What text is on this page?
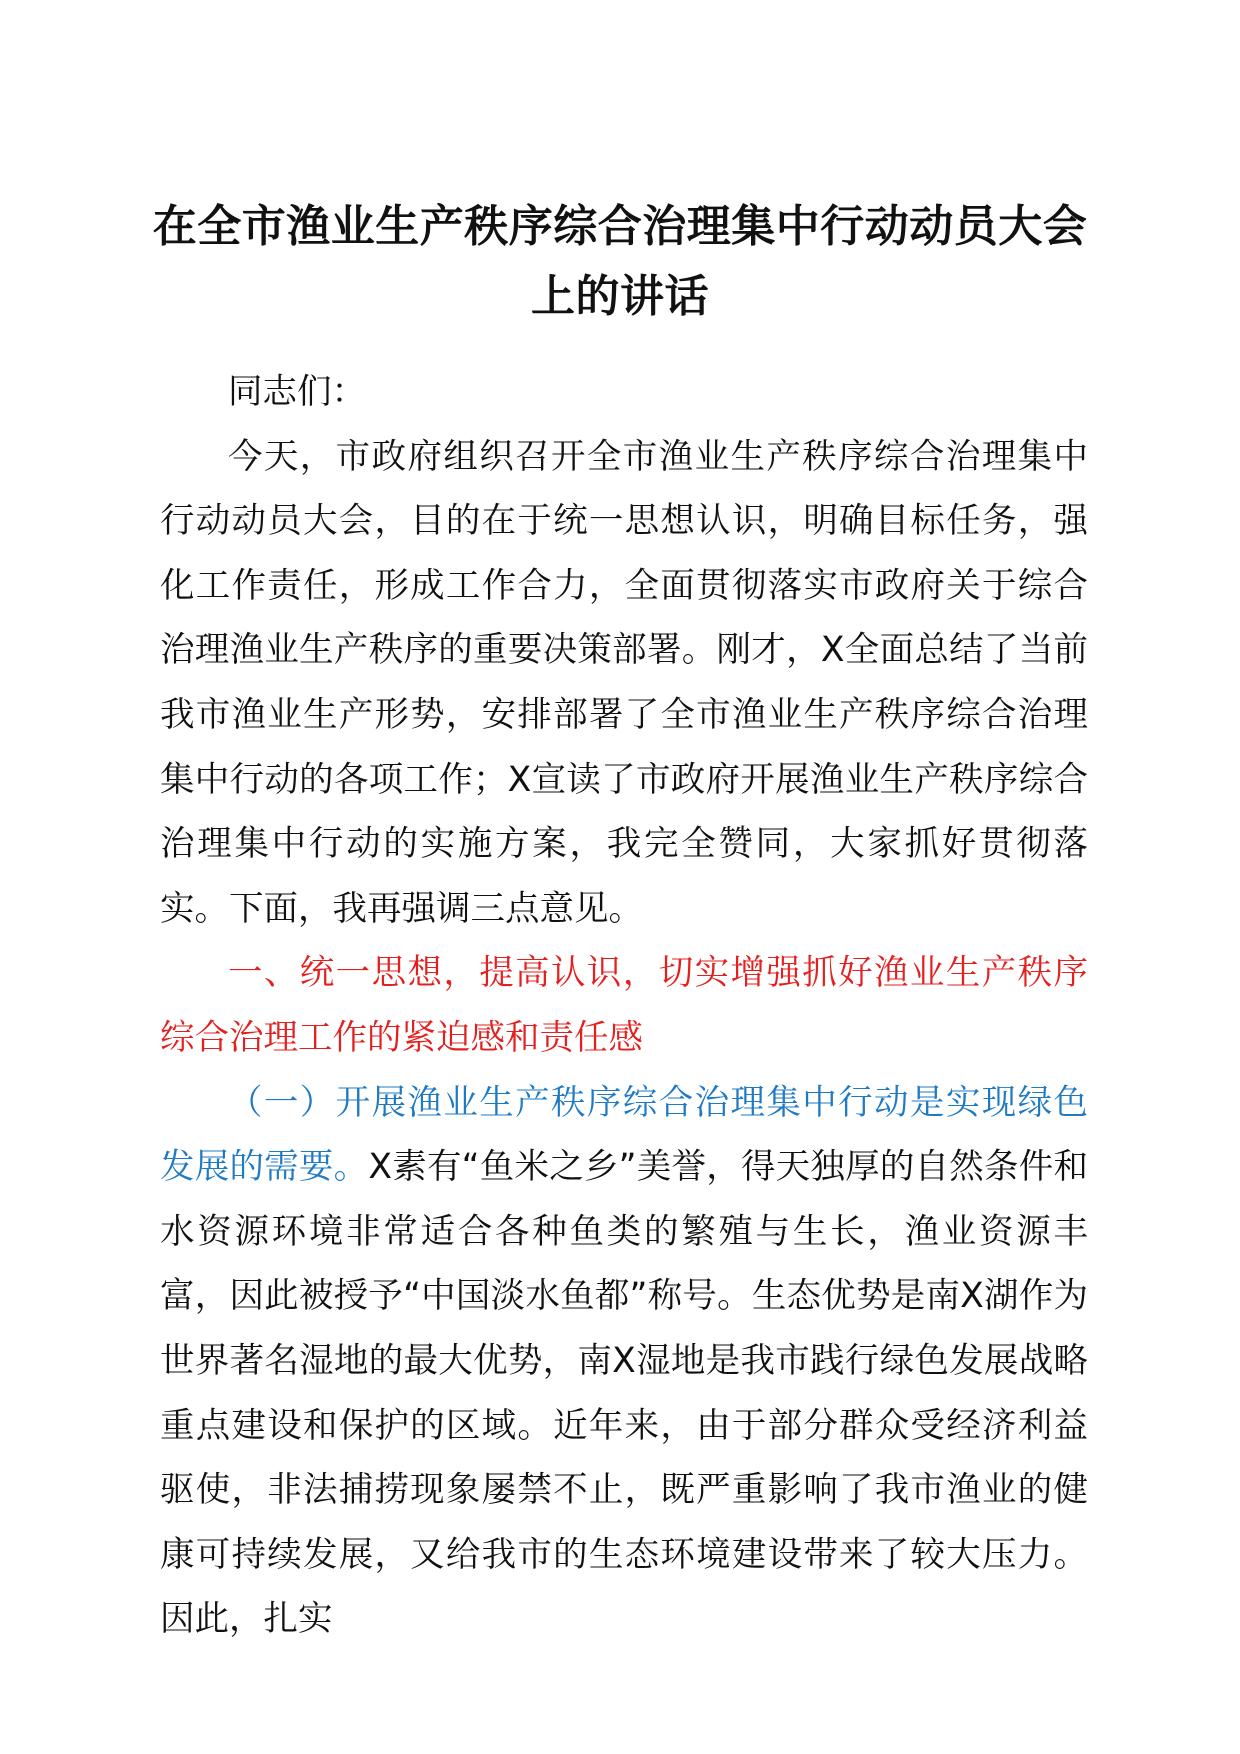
在全市渔业生产秩序综合治理集中行动动员大会上的讲话

同志们：

今天，市政府组织召开全市渔业生产秩序综合治理集中行动动员大会，目的在于统一思想认识，明确目标任务，强化工作责任，形成工作合力，全面贯彻落实市政府关于综合治理渔业生产秩序的重要决策部署。刚才，X全面总结了当前我市渔业生产形势，安排部署了全市渔业生产秩序综合治理集中行动的各项工作；X宣读了市政府开展渔业生产秩序综合治理集中行动的实施方案，我完全赞同，大家抓好贯彻落实。下面，我再强调三点意见。

一、统一思想，提高认识，切实增强抓好渔业生产秩序综合治理工作的紧迫感和责任感

（一）开展渔业生产秩序综合治理集中行动是实现绿色发展的需要。X素有“鱼米之乡”美誉，得天独厚的自然条件和水资源环境非常适合各种鱼类的繁殖与生长，渔业资源丰富，因此被授予“中国淡水鱼都”称号。生态优势是南X湖作为世界著名湿地的最大优势，南X湿地是我市践行绿色发展战略重点建设和保护的区域。近年来，由于部分群众受经济利益驱使，非法捕捞现象屡禁不止，既严重影响了我市渔业的健康可持续发展，又给我市的生态环境建设带来了较大压力。因此，扎实
